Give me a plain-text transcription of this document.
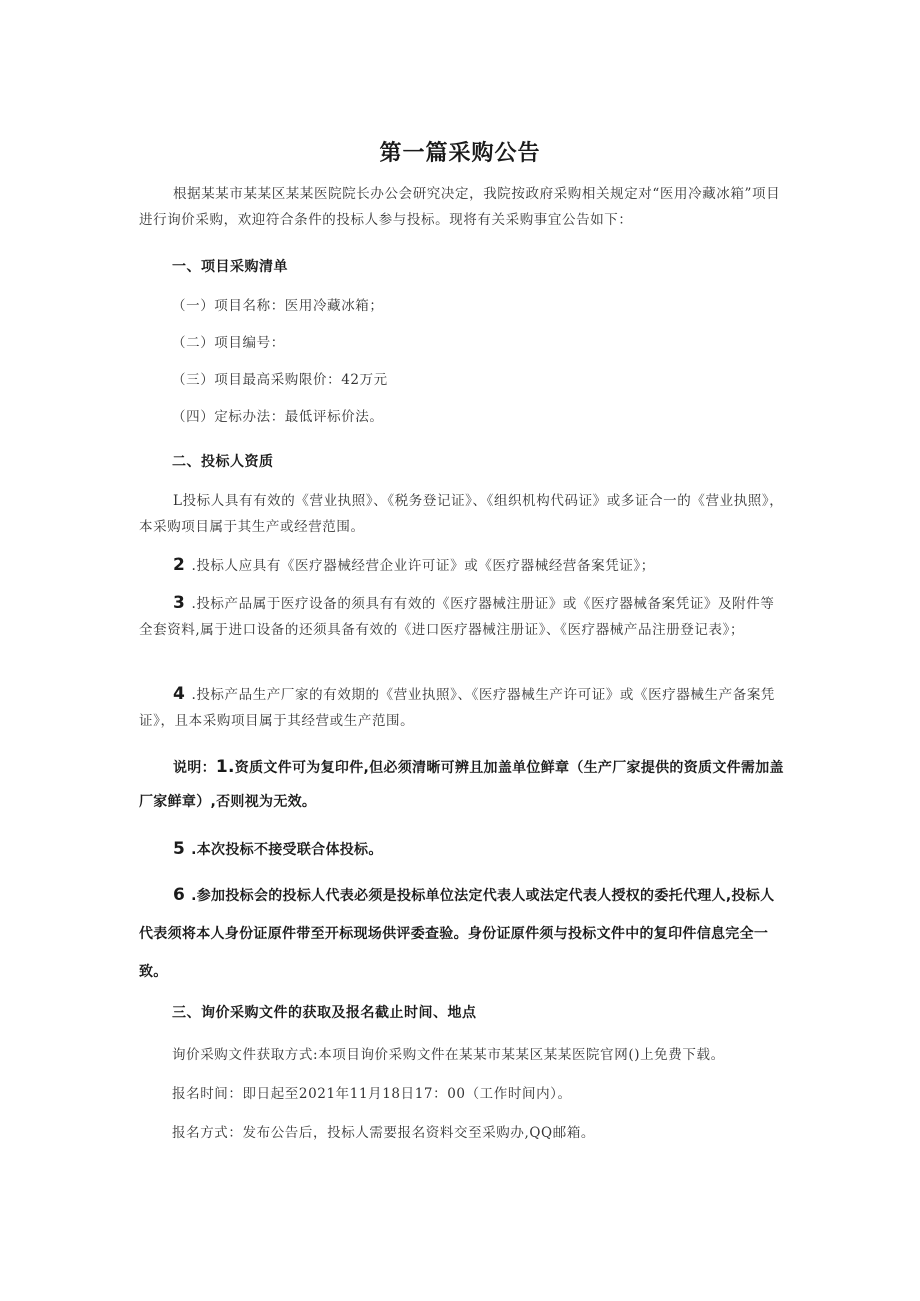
第一篇采购公告

根据某某市某某区某某医院院长办公会研究决定，我院按政府采购相关规定对“医用冷藏冰箱”项目进行询价采购，欢迎符合条件的投标人参与投标。现将有关采购事宜公告如下：

一、项目采购清单

（一）项目名称：医用冷藏冰箱；

（二）项目编号：

（三）项目最高采购限价：42万元

（四）定标办法：最低评标价法。

二、投标人资质

L投标人具有有效的《营业执照》、《税务登记证》、《组织机构代码证》或多证合一的《营业执照》，本采购项目属于其生产或经营范围。

2 .投标人应具有《医疗器械经营企业许可证》或《医疗器械经营备案凭证》；

3 .投标产品属于医疗设备的须具有有效的《医疗器械注册证》或《医疗器械备案凭证》及附件等全套资料,属于进口设备的还须具备有效的《进口医疗器械注册证》、《医疗器械产品注册登记表》；

4 .投标产品生产厂家的有效期的《营业执照》、《医疗器械生产许可证》或《医疗器械生产备案凭证》，且本采购项目属于其经营或生产范围。

说明：1.资质文件可为复印件,但必须清晰可辨且加盖单位鲜章（生产厂家提供的资质文件需加盖厂家鲜章）,否则视为无效。

5 .本次投标不接受联合体投标。

6 .参加投标会的投标人代表必须是投标单位法定代表人或法定代表人授权的委托代理人,投标人代表须将本人身份证原件带至开标现场供评委查验。身份证原件须与投标文件中的复印件信息完全一致。

三、询价采购文件的获取及报名截止时间、地点

询价采购文件获取方式:本项目询价采购文件在某某市某某区某某医院官网()上免费下载。

报名时间：即日起至2021年11月18日17：00（工作时间内）。

报名方式：发布公告后，投标人需要报名资料交至采购办,QQ邮箱。
